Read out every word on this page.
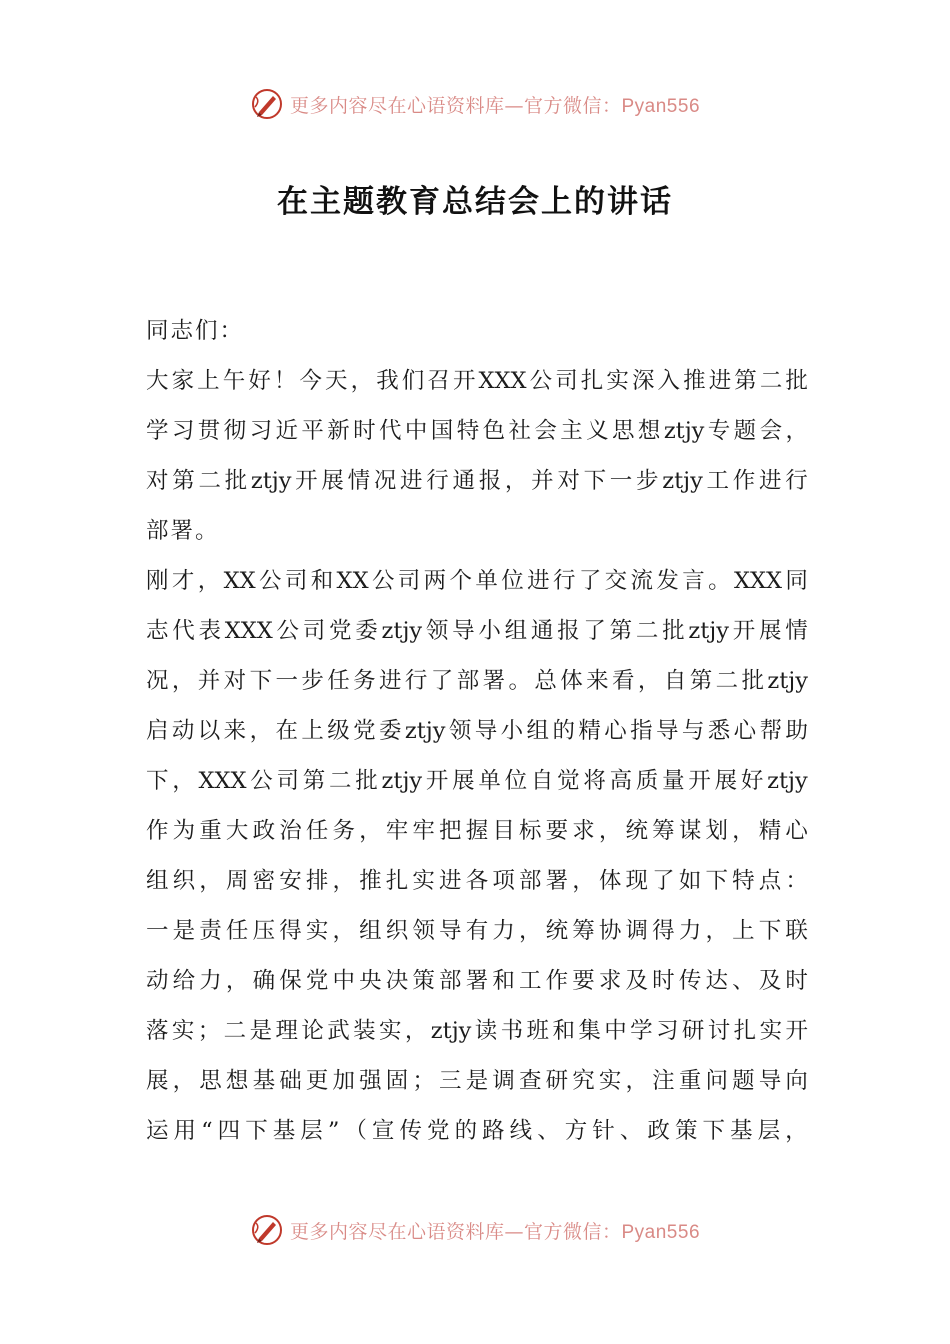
更多内容尽在心语资料库—官方微信：Pyan556
在主题教育总结会上的讲话
同志们：
大 家 上 午 好 ！ 今 天 ， 我 们 召 开 XXX 公 司 扎 实 深 入 推 进 第 二 批
学 习 贯 彻 习 近 平 新 时 代 中 国 特 色 社 会 主 义 思 想 ztjy 专 题 会 ，
对 第 二 批 ztjy 开 展 情 况 进 行 通 报 ， 并 对 下 一 步 ztjy 工 作 进 行
部署。
刚 才 ， XX 公 司 和 XX 公 司 两 个 单 位 进 行 了 交 流 发 言 。 XXX 同
志 代 表 XXX 公 司 党 委 ztjy 领 导 小 组 通 报 了 第 二 批 ztjy 开 展 情
况 ， 并 对 下 一 步 任 务 进 行 了 部 署 。 总 体 来 看 ， 自 第 二 批 ztjy
启 动 以 来 ， 在 上 级 党 委 ztjy 领 导 小 组 的 精 心 指 导 与 悉 心 帮 助
下 ， XXX 公 司 第 二 批 ztjy 开 展 单 位 自 觉 将 高 质 量 开 展 好 ztjy
作 为 重 大 政 治 任 务 ， 牢 牢 把 握 目 标 要 求 ， 统 筹 谋 划 ， 精 心
组 织 ， 周 密 安 排 ， 推 扎 实 进 各 项 部 署 ， 体 现 了 如 下 特 点 ：
一 是 责 任 压 得 实 ， 组 织 领 导 有 力 ， 统 筹 协 调 得 力 ， 上 下 联
动 给 力 ， 确 保 党 中 央 决 策 部 署 和 工 作 要 求 及 时 传 达 、 及 时
落 实 ； 二 是 理 论 武 装 实 ， ztjy 读 书 班 和 集 中 学 习 研 讨 扎 实 开
展 ， 思 想 基 础 更 加 强 固 ； 三 是 调 查 研 究 实 ， 注 重 问 题 导 向
运 用 “ 四 下 基 层 ” （ 宣 传 党 的 路 线 、 方 针 、 政 策 下 基 层 ，
更多内容尽在心语资料库—官方微信：Pyan556
